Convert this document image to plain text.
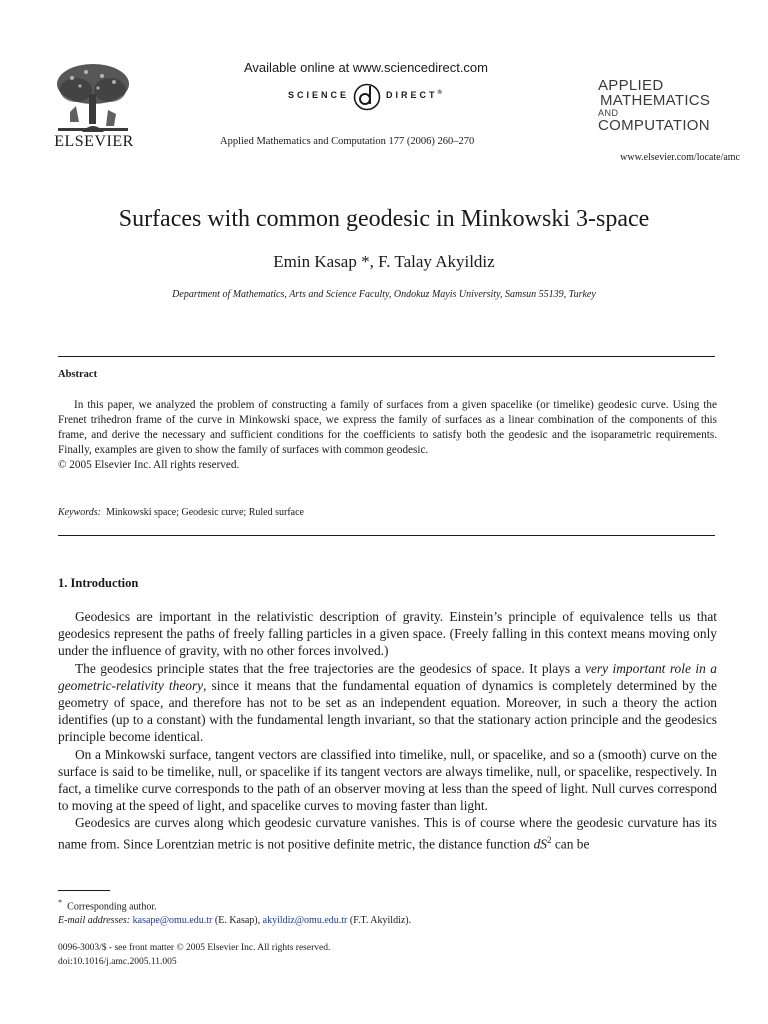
ELSEVIER
Available online at www.sciencedirect.com
SCIENCE	DIRECT®
Applied Mathematics and Computation 177 (2006) 260–270
APPLIED
MATHEMATICS
AND
COMPUTATION
www.elsevier.com/locate/amc
Surfaces with common geodesic in Minkowski 3-space
Emin Kasap *, F. Talay Akyildiz
Department of Mathematics, Arts and Science Faculty, Ondokuz Mayis University, Samsun 55139, Turkey
Abstract

In this paper, we analyzed the problem of constructing a family of surfaces from a given spacelike (or timelike) geodesic curve. Using the Frenet trihedron frame of the curve in Minkowski space, we express the family of surfaces as a linear combination of the components of this frame, and derive the necessary and sufficient conditions for the coefficients to satisfy both the geodesic and the isoparametric requirements. Finally, examples are given to show the family of surfaces with common geodesic.

© 2005 Elsevier Inc. All rights reserved.

Keywords: Minkowski space; Geodesic curve; Ruled surface
1. Introduction

Geodesics are important in the relativistic description of gravity. Einstein’s principle of equivalence tells us that geodesics represent the paths of freely falling particles in a given space. (Freely falling in this context means moving only under the influence of gravity, with no other forces involved.)

The geodesics principle states that the free trajectories are the geodesics of space. It plays a very important role in a geometric-relativity theory, since it means that the fundamental equation of dynamics is completely determined by the geometry of space, and therefore has not to be set as an independent equation. Moreover, in such a theory the action identifies (up to a constant) with the fundamental length invariant, so that the stationary action principle and the geodesics principle become identical.

On a Minkowski surface, tangent vectors are classified into timelike, null, or spacelike, and so a (smooth) curve on the surface is said to be timelike, null, or spacelike if its tangent vectors are always timelike, null, or spacelike, respectively. In fact, a timelike curve corresponds to the path of an observer moving at less than the speed of light. Null curves correspond to moving at the speed of light, and spacelike curves to moving faster than light.

Geodesics are curves along which geodesic curvature vanishes. This is of course where the geodesic curvature has its name from. Since Lorentzian metric is not positive definite metric, the distance function $dS^2$ can be

* Corresponding author.
E-mail addresses: kasape@omu.edu.tr (E. Kasap), akyildiz@omu.edu.tr (F.T. Akyildiz).
0096-3003/$ - see front matter © 2005 Elsevier Inc. All rights reserved.
doi:10.1016/j.amc.2005.11.005
